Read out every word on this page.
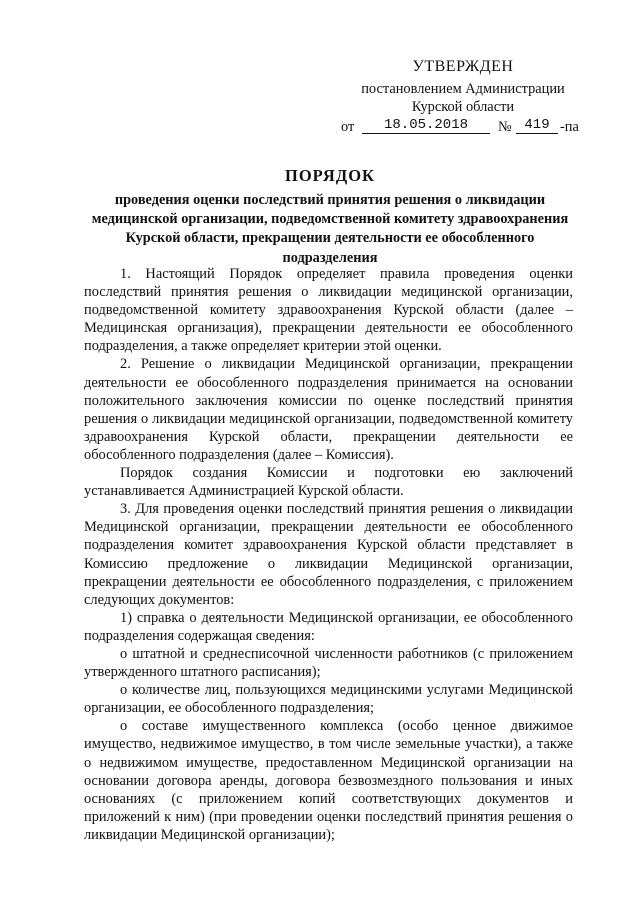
УТВЕРЖДЕН
постановлением Администрации
Курской области
от	18.05.2018	№ 419 -па
ПОРЯДОК
проведения оценки последствий принятия решения о ликвидации медицинской организации, подведомственной комитету здравоохранения Курской области, прекращении деятельности ее обособленного подразделения

1. Настоящий Порядок определяет правила проведения оценки последствий принятия решения о ликвидации медицинской организации, подведомственной комитету здравоохранения Курской области (далее – Медицинская организация), прекращении деятельности ее обособленного подразделения, а также определяет критерии этой оценки.

2. Решение о ликвидации Медицинской организации, прекращении деятельности ее обособленного подразделения принимается на основании положительного заключения комиссии по оценке последствий принятия решения о ликвидации медицинской организации, подведомственной комитету здравоохранения Курской области, прекращении деятельности ее обособленного подразделения (далее – Комиссия).

Порядок создания Комиссии и подготовки ею заключений устанавливается Администрацией Курской области.

3. Для проведения оценки последствий принятия решения о ликвидации Медицинской организации, прекращении деятельности ее обособленного подразделения комитет здравоохранения Курской области представляет в Комиссию предложение о ликвидации Медицинской организации, прекращении деятельности ее обособленного подразделения, с приложением следующих документов:

1) справка о деятельности Медицинской организации, ее обособленного подразделения содержащая сведения:

о штатной и среднесписочной численности работников (с приложением утвержденного штатного расписания);

о количестве лиц, пользующихся медицинскими услугами Медицинской организации, ее обособленного подразделения;

о составе имущественного комплекса (особо ценное движимое имущество, недвижимое имущество, в том числе земельные участки), а также о недвижимом имуществе, предоставленном Медицинской организации на основании договора аренды, договора безвозмездного пользования и иных основаниях (с приложением копий соответствующих документов и приложений к ним) (при проведении оценки последствий принятия решения о ликвидации Медицинской организации);
